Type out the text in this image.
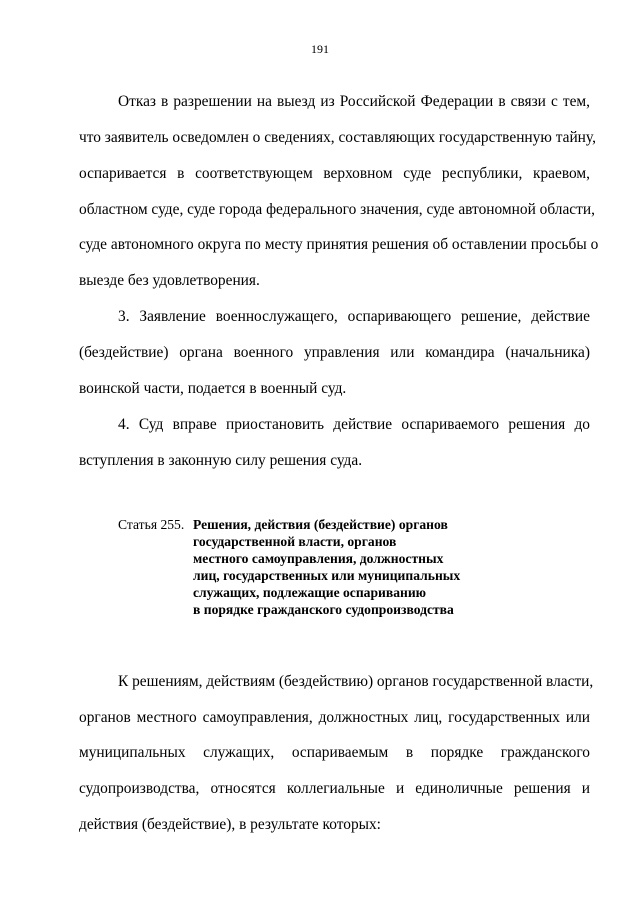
191
Отказ в разрешении на выезд из Российской Федерации в связи с тем,
что заявитель осведомлен о сведениях, составляющих государственную тайну,
оспаривается в соответствующем верховном суде республики, краевом,
областном суде, суде города федерального значения, суде автономной области,
суде автономного округа по месту принятия решения об оставлении просьбы о
выезде без удовлетворения.
3. Заявление военнослужащего, оспаривающего решение, действие
(бездействие) органа военного управления или командира (начальника)
воинской части, подается в военный суд.
4. Суд вправе приостановить действие оспариваемого решения до
вступления в законную силу решения суда.
Статья 255. Решения, действия (бездействие) органов
государственной власти, органов
местного самоуправления, должностных
лиц, государственных или муниципальных
служащих, подлежащие оспариванию
в порядке гражданского судопроизводства
К решениям, действиям (бездействию) органов государственной власти,
органов местного самоуправления, должностных лиц, государственных или
муниципальных служащих, оспариваемым в порядке гражданского
судопроизводства, относятся коллегиальные и единоличные решения и
действия (бездействие), в результате которых:
